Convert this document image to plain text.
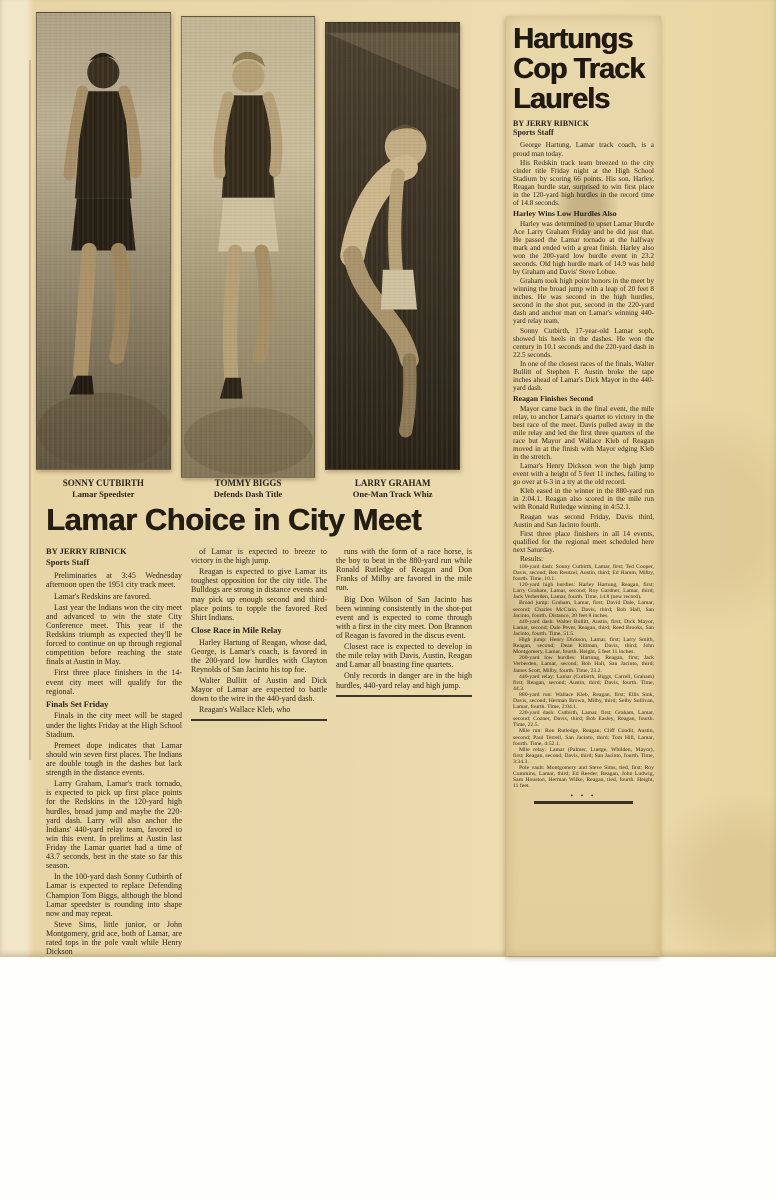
SONNY CUTBIRTH
Lamar Speedster
TOMMY BIGGS
Defends Dash Title
LARRY GRAHAM
One-Man Track Whiz
Lamar Choice in City Meet

BY JERRY RIBNICK

Sports Staff

Preliminaries at 3:45 Wednesday afternoon open the 1951 city track meet.

Lamar's Redskins are favored.

Last year the Indians won the city meet and advanced to win the state City Conference meet. This year if the Redskins triumph as expected they'll be forced to continue on up through regional competition before reaching the state finals at Austin in May.

First three place finishers in the 14-event city meet will qualify for the regional.

Finals Set Friday

Finals in the city meet will be staged under the lights Friday at the High School Stadium.

Premeet dope indicates that Lamar should win seven first places. The Indians are double tough in the dashes but lack strength in the distance events.

Larry Graham, Lamar's track tornado, is expected to pick up first place points for the Redskins in the 120-yard high hurdles, broad jump and maybe the 220-yard dash. Larry will also anchor the Indians' 440-yard relay team, favored to win this event. In prelims at Austin last Friday the Lamar quartet had a time of 43.7 seconds, best in the state so far this season.

In the 100-yard dash Sonny Cutbirth of Lamar is expected to replace Defending Champion Tom Biggs, although the blond Lamar speedster is rounding into shape now and may repeat.

Steve Sims, little junior, or John Montgomery, grid ace, both of Lamar, are rated tops in the pole vault while Henry Dickson

of Lamar is expected to breeze to victory in the high jump.

Reagan is expected to give Lamar its toughest opposition for the city title. The Bulldogs are strong in distance events and may pick up enough second and third-place points to topple the favored Red Shirt Indians.

Close Race in Mile Relay

Harley Hartung of Reagan, whose dad, George, is Lamar's coach, is favored in the 200-yard low hurdles with Clayton Reynolds of San Jacinto his top foe.

Walter Bullitt of Austin and Dick Mayor of Lamar are expected to battle down to the wire in the 440-yard dash.

Reagan's Wallace Kleb, who

runs with the form of a race horse, is the boy to beat in the 880-yard run while Ronald Rutledge of Reagan and Don Franks of Milby are favored in the mile run.

Big Don Wilson of San Jacinto has been winning consistently in the shot-put event and is expected to come through with a first in the city meet. Don Brannon of Reagan is favored in the discus event.

Closest race is expected to develop in the mile relay with Davis, Austin, Reagan and Lamar all boasting fine quartets.

Only records in danger are in the high hurdles, 440-yard relay and high jump.

Hartungs
Cop Track
Laurels

BY JERRY RIBNICK

Sports Staff

George Hartung, Lamar track coach, is a proud man today.

His Redskin track team breezed to the city cinder title Friday night at the High School Stadium by scoring 66 points. His son, Harley, Reagan hurdle star, surprised to win first place in the 120-yard high hurdles in the record time of 14.8 seconds.

Harley Wins Low Hurdles Also

Harley was determined to upset Lamar Hurdle Ace Larry Graham Friday and he did just that. He passed the Lamar tornado at the halfway mark and ended with a great finish. Harley also won the 200-yard low hurdle event in 23.2 seconds. Old high hurdle mark of 14.9 was held by Graham and Davis' Steve Lobue.

Graham took high point honors in the meet by winning the broad jump with a leap of 20 feet 8 inches. He was second in the high hurdles, second in the shot put, second in the 220-yard dash and anchor man on Lamar's winning 440-yard relay team.

Sonny Cutbirth, 17-year-old Lamar soph, showed his heels in the dashes. He won the century in 10.1 seconds and the 220-yard dash in 22.5 seconds.

In one of the closest races of the finals, Walter Bullitt of Stephen F. Austin broke the tape inches ahead of Lamar's Dick Mayor in the 440-yard dash.

Reagan Finishes Second

Mayor came back in the final event, the mile relay, to anchor Lamar's quartet to victory in the best race of the meet. Davis pulled away in the mile relay and led the first three quarters of the race but Mayor and Wallace Kleb of Reagan moved in at the finish with Mayor edging Kleb in the stretch.

Lamar's Henry Dickson won the high jump event with a height of 5 feet 11 inches, failing to go over at 6-3 in a try at the old record.

Kleb eased in the winner in the 880-yard run in 2:04.1. Reagan also scored in the mile run with Ronald Rutledge winning in 4:52.1.

Reagan was second Friday, Davis third, Austin and San Jacinto fourth.

First three place finishers in all 14 events, qualified for the regional meet scheduled here next Saturday.

Results:

100-yard dash: Sonny Cutbirth, Lamar, first; Ted Cooper, Davis, second; Ben Reutzel, Austin, third; Ed Hamm, Milby, fourth. Time, 10.1.

120-yard high hurdles: Harley Hartung, Reagan, first; Larry Graham, Lamar, second; Roy Gardner, Lamar, third; Jack Verberden, Lamar, fourth. Time, 14.8 (new record).

Broad jump: Graham, Lamar, first; David Dale, Lamar, second; Charles McClain, Davis, third; Bob Hall, San Jacinto, fourth. Distance, 20 feet 8 inches.

440-yard dash: Walter Bullitt, Austin, first; Dick Mayor, Lamar, second; Dale Pever, Reagan, third; Reed Brooks, San Jacinto, fourth. Time, 51.5.

High jump: Henry Dickson, Lamar, first; Larry Smith, Reagan, second; Dean Kitiman, Davis, third; John Montgomery, Lamar, fourth. Height, 5 feet 11 inches.

200-yard low hurdles: Hartung, Reagan, first; Jack Verberden, Lamar, second; Bob Hall, San Jacinto, third; James Scott, Milby, fourth. Time, 23.2.

440-yard relay: Lamar (Cutbirth, Biggs, Carrell, Graham) first; Reagan, second; Austin, third; Davis, fourth. Time, 44.3.

880-yard run: Wallace Kleb, Reagan, first; Ellis Sink, Davis, second; Herman Brown, Milby, third; Selby Sullivan, Lamar, fourth. Time, 2:04.1.

220-yard dash: Cutbirth, Lamar, first; Graham, Lamar, second; Cozner, Davis, third; Bob Easley, Reagan, fourth. Time, 22.5.

Mile run: Ron Rutledge, Reagan; Cliff Condit, Austin, second; Paul Terrell, San Jacinto, third; Tom Hill, Lamar, fourth. Time, 4:52.1.

Mile relay: Lamar (Palmer, Luetge, Whilden, Mayor), first; Reagan, second; Davis, third; San Jacinto, fourth. Time, 3:34.3.

Pole vault: Montgomery and Steve Sims, tied, first; Roy Cummins, Lamar, third; Ed Reeder, Reagan, John Ludwig, Sam Houston, Herman Wilke, Reagan, tied, fourth. Height, 11 feet.

• • •
